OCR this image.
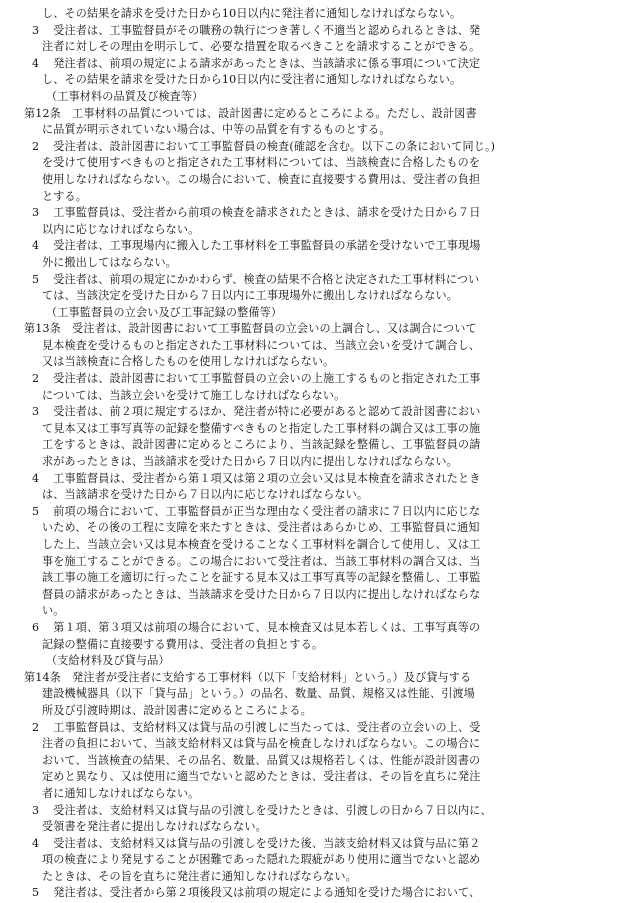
し、その結果を請求を受けた日から10日以内に発注者に通知しなければならない。
3　受注者は、工事監督員がその職務の執行につき著しく不適当と認められるときは、発
注者に対しその理由を明示して、必要な措置を取るべきことを請求することができる。
4　発注者は、前項の規定による請求があったときは、当該請求に係る事項について決定
し、その結果を請求を受けた日から10日以内に受注者に通知しなければならない。
（工事材料の品質及び検査等）
第12条　工事材料の品質については、設計図書に定めるところによる。ただし、設計図書
に品質が明示されていない場合は、中等の品質を有するものとする。
2　受注者は、設計図書において工事監督員の検査(確認を含む。以下この条において同じ。)
を受けて使用すべきものと指定された工事材料については、当該検査に合格したものを
使用しなければならない。この場合において、検査に直接要する費用は、受注者の負担
とする。
3　工事監督員は、受注者から前項の検査を請求されたときは、請求を受けた日から７日
以内に応じなければならない。
4　受注者は、工事現場内に搬入した工事材料を工事監督員の承諾を受けないで工事現場
外に搬出してはならない。
5　受注者は、前項の規定にかかわらず、検査の結果不合格と決定された工事材料につい
ては、当該決定を受けた日から７日以内に工事現場外に搬出しなければならない。
（工事監督員の立会い及び工事記録の整備等）
第13条　受注者は、設計図書において工事監督員の立会いの上調合し、又は調合について
見本検査を受けるものと指定された工事材料については、当該立会いを受けて調合し、
又は当該検査に合格したものを使用しなければならない。
2　受注者は、設計図書において工事監督員の立会いの上施工するものと指定された工事
については、当該立会いを受けて施工しなければならない。
3　受注者は、前２項に規定するほか、発注者が特に必要があると認めて設計図書におい
て見本又は工事写真等の記録を整備すべきものと指定した工事材料の調合又は工事の施
工をするときは、設計図書に定めるところにより、当該記録を整備し、工事監督員の請
求があったときは、当該請求を受けた日から７日以内に提出しなければならない。
4　工事監督員は、受注者から第１項又は第２項の立会い又は見本検査を請求されたとき
は、当該請求を受けた日から７日以内に応じなければならない。
5　前項の場合において、工事監督員が正当な理由なく受注者の請求に７日以内に応じな
いため、その後の工程に支障を来たすときは、受注者はあらかじめ、工事監督員に通知
した上、当該立会い又は見本検査を受けることなく工事材料を調合して使用し、又は工
事を施工することができる。この場合において受注者は、当該工事材料の調合又は、当
該工事の施工を適切に行ったことを証する見本又は工事写真等の記録を整備し、工事監
督員の請求があったときは、当該請求を受けた日から７日以内に提出しなければならな
い。
6　第１項、第３項又は前項の場合において、見本検査又は見本若しくは、工事写真等の
記録の整備に直接要する費用は、受注者の負担とする。
（支給材料及び貸与品）
第14条　発注者が受注者に支給する工事材料（以下「支給材料」という。）及び貸与する
建設機械器具（以下「貸与品」という。）の品名、数量、品質、規格又は性能、引渡場
所及び引渡時期は、設計図書に定めるところによる。
2　工事監督員は、支給材料又は貸与品の引渡しに当たっては、受注者の立会いの上、受
注者の負担において、当該支給材料又は貸与品を検査しなければならない。この場合に
おいて、当該検査の結果、その品名、数量、品質又は規格若しくは、性能が設計図書の
定めと異なり、又は使用に適当でないと認めたときは、受注者は、その旨を直ちに発注
者に通知しなければならない。
3　受注者は、支給材料又は貸与品の引渡しを受けたときは、引渡しの日から７日以内に、
受領書を発注者に提出しなければならない。
4　受注者は、支給材料又は貸与品の引渡しを受けた後、当該支給材料又は貸与品に第２
項の検査により発見することが困難であった隠れた瑕疵があり使用に適当でないと認め
たときは、その旨を直ちに発注者に通知しなければならない。
5　発注者は、受注者から第２項後段又は前項の規定による通知を受けた場合において、
